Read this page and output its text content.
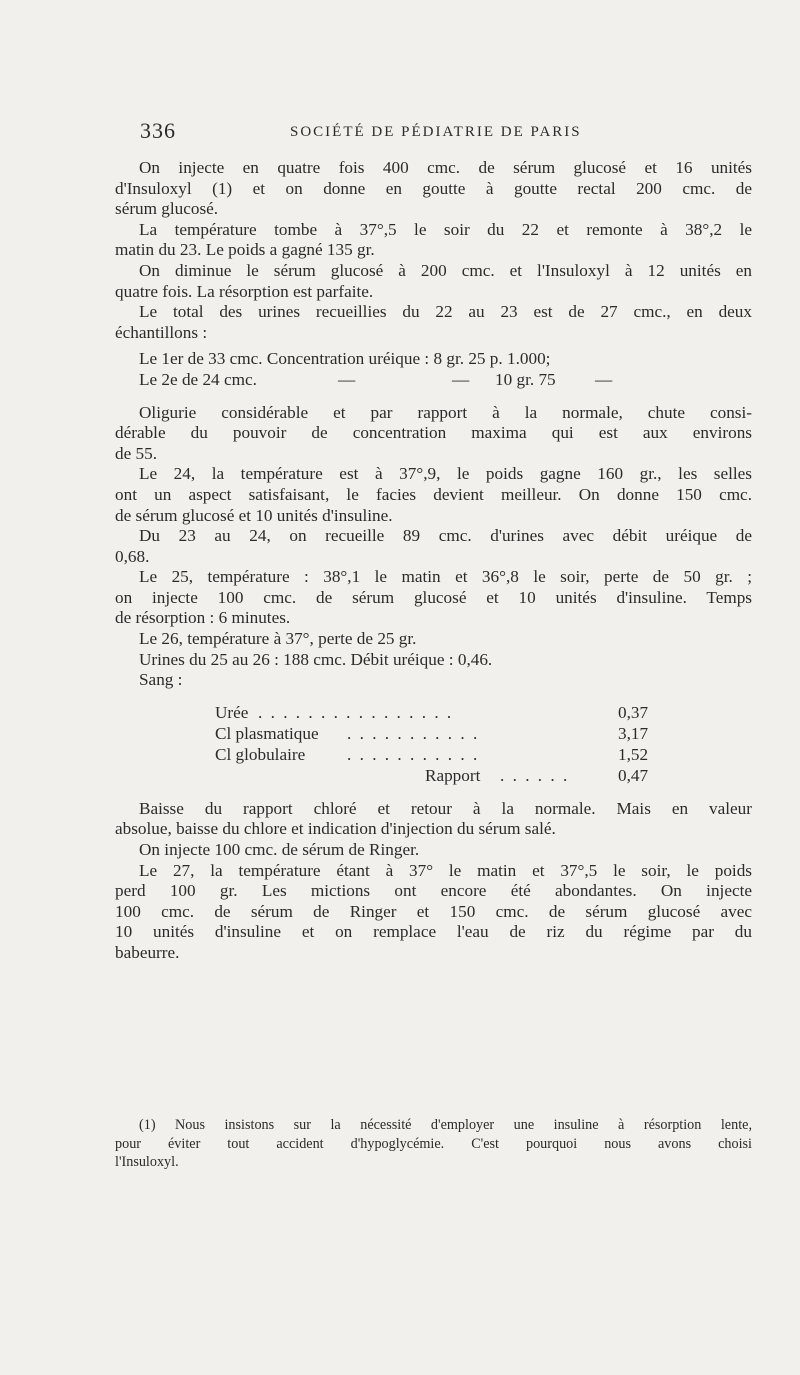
336	SOCIÉTÉ DE PÉDIATRIE DE PARIS

On injecte en quatre fois 400 cmc. de sérum glucosé et 16 unités
d'Insuloxyl (1) et on donne en goutte à goutte rectal 200 cmc. de
sérum glucosé.

La température tombe à 37°,5 le soir du 22 et remonte à 38°,2 le
matin du 23. Le poids a gagné 135 gr.

On diminue le sérum glucosé à 200 cmc. et l'Insuloxyl à 12 unités en
quatre fois. La résorption est parfaite.

Le total des urines recueillies du 22 au 23 est de 27 cmc., en deux
échantillons :

Le 1er de 33 cmc. Concentration uréique : 8 gr. 25 p. 1.000;
Le 2e de 24 cmc.	—	— 10 gr. 75 —

Oligurie considérable et par rapport à la normale, chute consi-
dérable du pouvoir de concentration maxima qui est aux environs
de 55.

Le 24, la température est à 37°,9, le poids gagne 160 gr., les selles
ont un aspect satisfaisant, le facies devient meilleur. On donne 150 cmc.
de sérum glucosé et 10 unités d'insuline.

Du 23 au 24, on recueille 89 cmc. d'urines avec débit uréique de
0,68.

Le 25, température : 38°,1 le matin et 36°,8 le soir, perte de 50 gr. ;
on injecte 100 cmc. de sérum glucosé et 10 unités d'insuline. Temps
de résorption : 6 minutes.

Le 26, température à 37°, perte de 25 gr.

Urines du 25 au 26 : 188 cmc. Débit uréique : 0,46.

Sang :

Urée . . . . . . . . . . . . . . . .	0,37
Cl plasmatique . . . . . . . . . . .	3,17
Cl globulaire . . . . . . . . . . .	1,52
Rapport . . . . . .	0,47

Baisse du rapport chloré et retour à la normale. Mais en valeur
absolue, baisse du chlore et indication d'injection du sérum salé.

On injecte 100 cmc. de sérum de Ringer.

Le 27, la température étant à 37° le matin et 37°,5 le soir, le poids
perd 100 gr. Les mictions ont encore été abondantes. On injecte
100 cmc. de sérum de Ringer et 150 cmc. de sérum glucosé avec
10 unités d'insuline et on remplace l'eau de riz du régime par du
babeurre.

(1) Nous insistons sur la nécessité d'employer une insuline à résorption lente,
pour éviter tout accident d'hypoglycémie. C'est pourquoi nous avons choisi
l'Insuloxyl.
